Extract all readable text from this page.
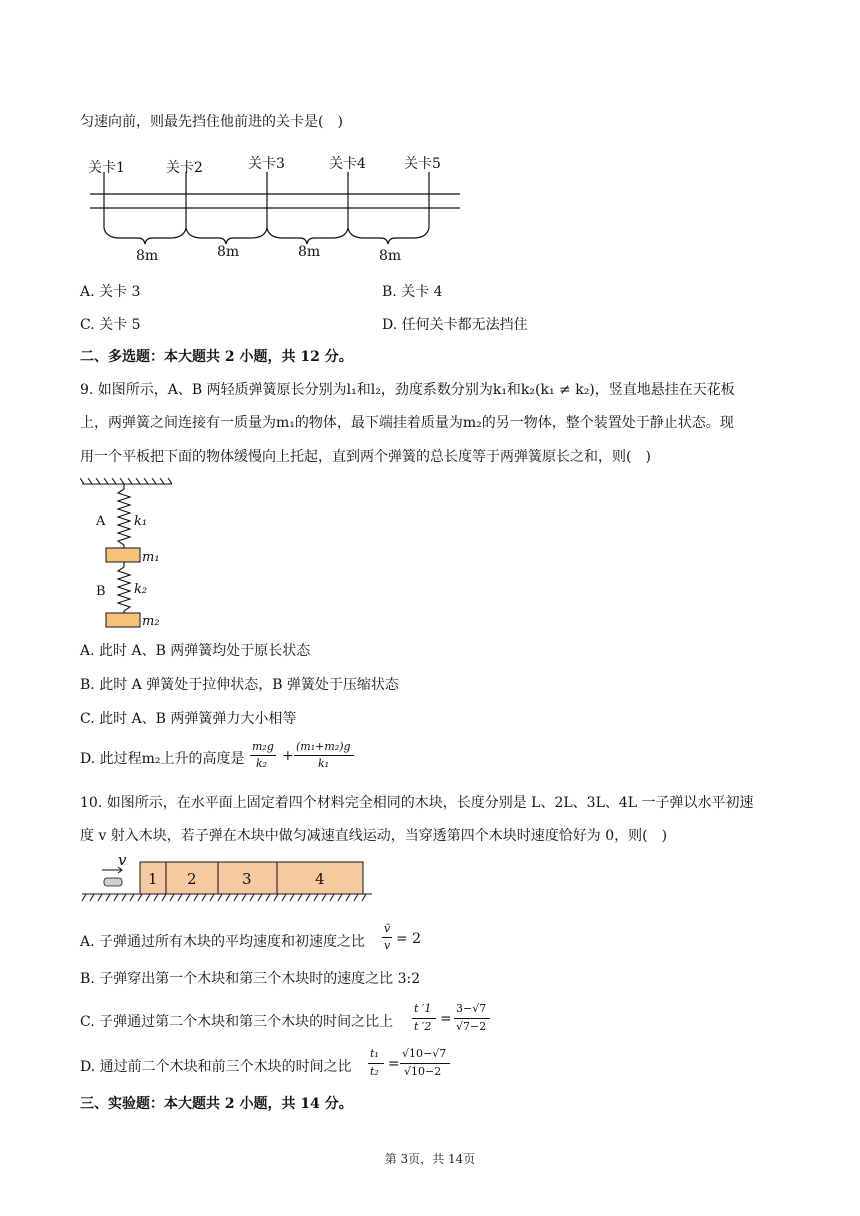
匀速向前，则最先挡住他前进的关卡是(　)
关卡1	关卡2	关卡3	关卡4	关卡5
8m	8m	8m	8m
A. 关卡 3	B. 关卡 4
C. 关卡 5	D. 任何关卡都无法挡住
二、多选题：本大题共 2 小题，共 12 分。
9. 如图所示，A、B 两轻质弹簧原长分别为l₁和l₂，劲度系数分别为k₁和k₂(k₁ ≠ k₂)，竖直地悬挂在天花板
上，两弹簧之间连接有一质量为m₁的物体，最下端挂着质量为m₂的另一物体，整个装置处于静止状态。现
用一个平板把下面的物体缓慢向上托起，直到两个弹簧的总长度等于两弹簧原长之和，则(　)
A k₁
m₁
B k₂
m₂
A. 此时 A、B 两弹簧均处于原长状态
B. 此时 A 弹簧处于拉伸状态，B 弹簧处于压缩状态
C. 此时 A、B 两弹簧弹力大小相等
D. 此过程m₂上升的高度是
m₂g
k₂ +
(m₁+m₂)g
k₁
10. 如图所示，在水平面上固定着四个材料完全相同的木块，长度分别是 L、2L、3L、4L 一子弹以水平初速
度 v 射入木块，若子弹在木块中做匀减速直线运动，当穿透第四个木块时速度恰好为 0，则(　)
v
1 2	3	4
A. 子弹通过所有木块的平均速度和初速度之比
v̄
v = 2
B. 子弹穿出第一个木块和第三个木块时的速度之比 3:2
C. 子弹通过第二个木块和第三个木块的时间之比上
t ′1
t ′2 =
3−√7
√7−2
D. 通过前二个木块和前三个木块的时间之比
t₁
t₂ =
√10−√7
√10−2
三、实验题：本大题共 2 小题，共 14 分。
第 3页，共 14页
